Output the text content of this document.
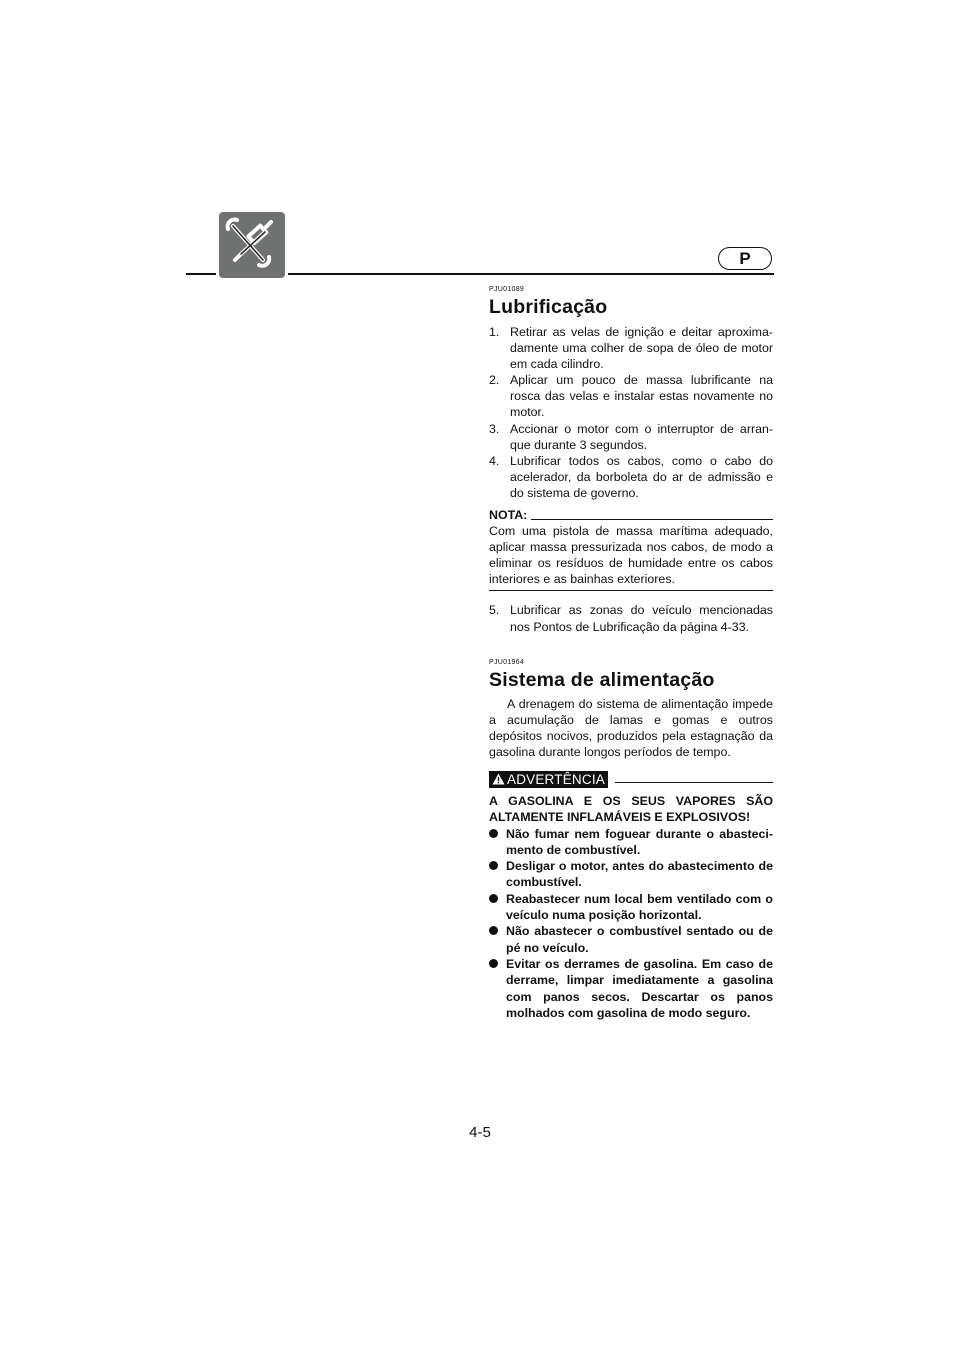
P
PJU01089
Lubrificação
1. Retirar as velas de ignição e deitar aproxima-damente uma colher de sopa de óleo de motor em cada cilindro.
2. Aplicar um pouco de massa lubrificante na rosca das velas e instalar estas novamente no motor.
3. Accionar o motor com o interruptor de arran-que durante 3 segundos.
4. Lubrificar todos os cabos, como o cabo do acelerador, da borboleta do ar de admissão e do sistema de governo.
NOTA:
Com uma pistola de massa marítima adequado, aplicar massa pressurizada nos cabos, de modo a eliminar os resíduos de humidade entre os cabos interiores e as bainhas exteriores.
5. Lubrificar as zonas do veículo mencionadas nos Pontos de Lubrificação da página 4-33.
PJU01964
Sistema de alimentação

A drenagem do sistema de alimentação impede a acumulação de lamas e gomas e outros depósitos nocivos, produzidos pela estagnação da gasolina durante longos períodos de tempo.

ADVERTÊNCIA

A GASOLINA E OS SEUS VAPORES SÃO ALTAMENTE INFLAMÁVEIS E EXPLOSIVOS!

Não fumar nem foguear durante o abasteci-mento de combustível.
Desligar o motor, antes do abastecimento de combustível.
Reabastecer num local bem ventilado com o veículo numa posição horizontal.
Não abastecer o combustível sentado ou de pé no veículo.
Evitar os derrames de gasolina. Em caso de derrame, limpar imediatamente a gasolina com panos secos. Descartar os panos molhados com gasolina de modo seguro.
4-5
